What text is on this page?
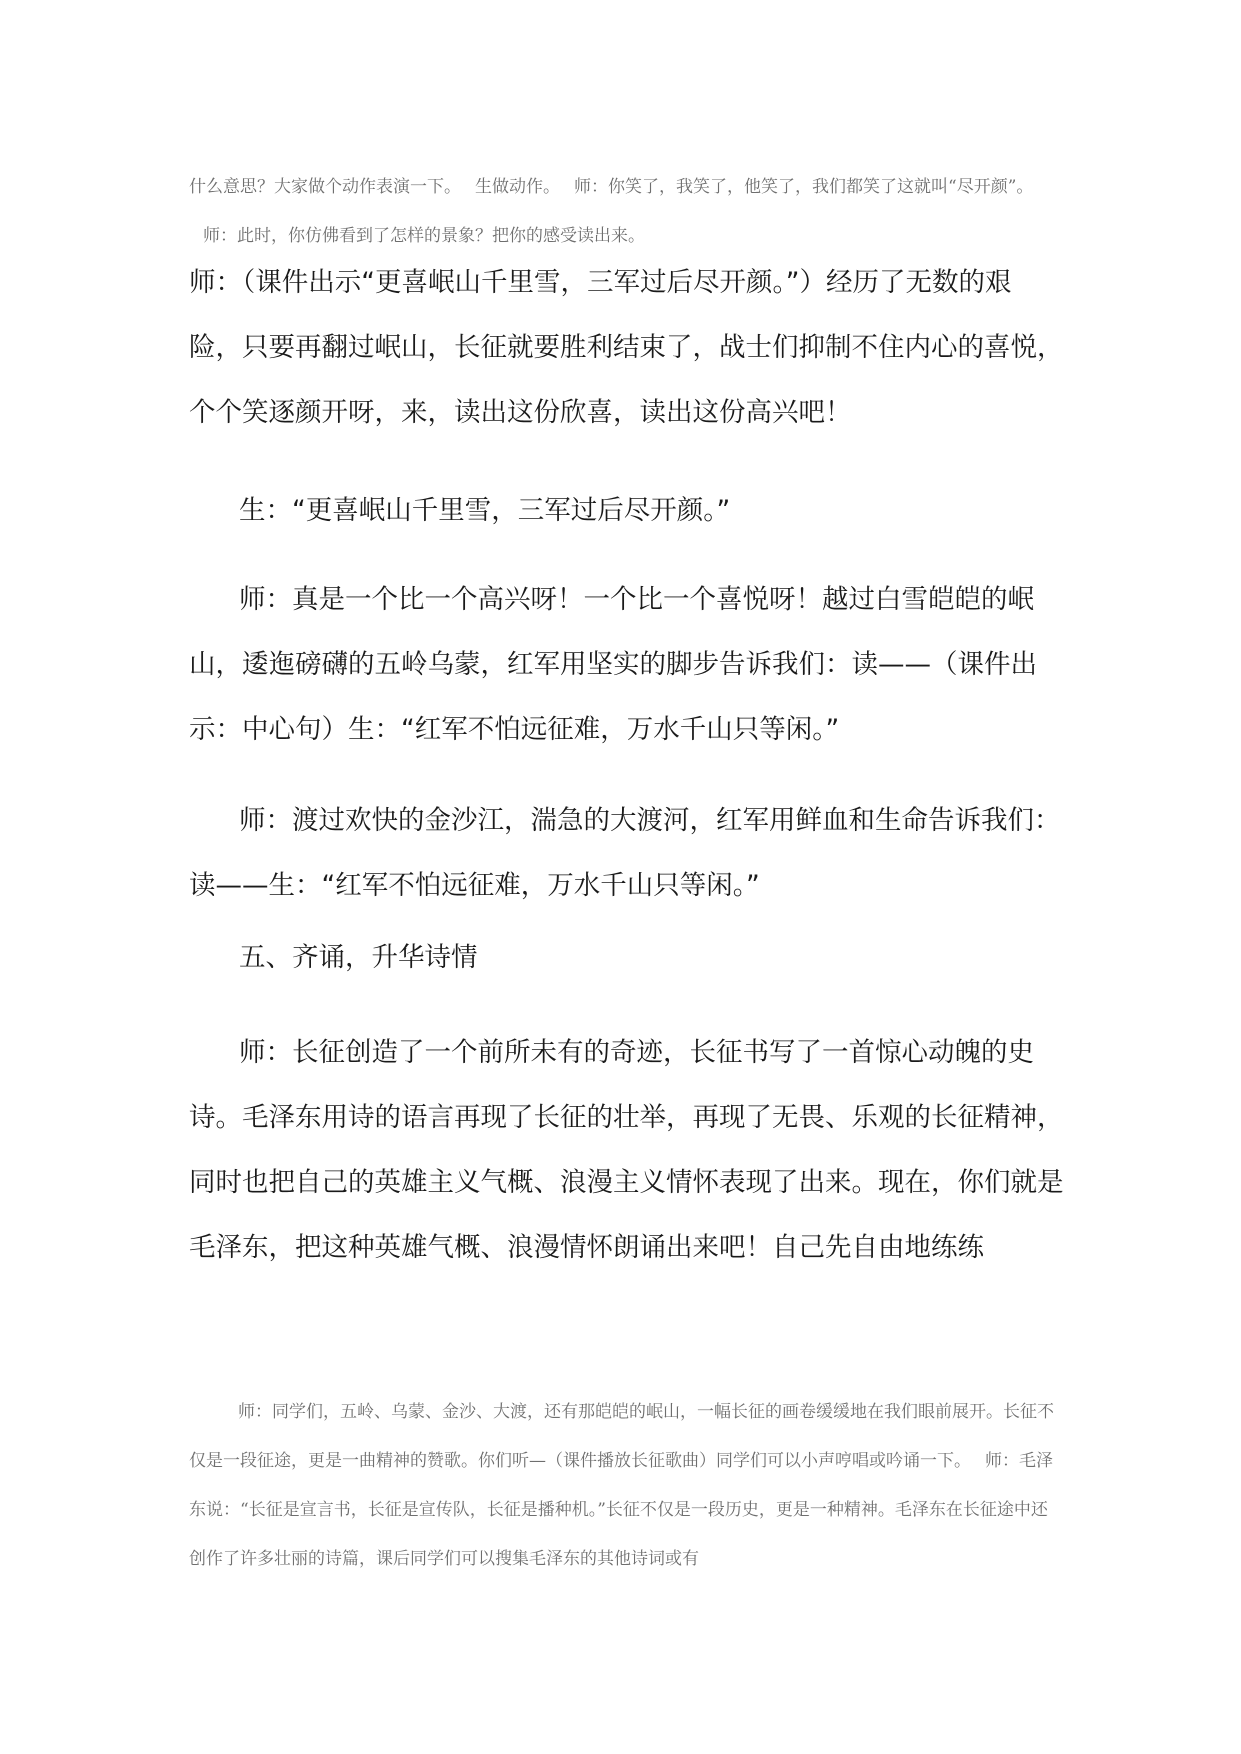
什么意思？大家做个动作表演一下。 生做动作。 师：你笑了，我笑了，他笑了，我们都笑了这就叫“尽开颜”。师：此时，你仿佛看到了怎样的景象？把你的感受读出来。

师：（课件出示“更喜岷山千里雪，三军过后尽开颜。”）经历了无数的艰险，只要再翻过岷山，长征就要胜利结束了，战士们抑制不住内心的喜悦，个个笑逐颜开呀，来，读出这份欣喜，读出这份高兴吧！

生：“更喜岷山千里雪，三军过后尽开颜。”

师：真是一个比一个高兴呀！一个比一个喜悦呀！越过白雪皑皑的岷山，逶迤磅礴的五岭乌蒙，红军用坚实的脚步告诉我们：读——（课件出示：中心句）生：“红军不怕远征难，万水千山只等闲。”

师：渡过欢快的金沙江，湍急的大渡河，红军用鲜血和生命告诉我们：读——生：“红军不怕远征难，万水千山只等闲。”

五、齐诵，升华诗情

师：长征创造了一个前所未有的奇迹，长征书写了一首惊心动魄的史诗。毛泽东用诗的语言再现了长征的壮举，再现了无畏、乐观的长征精神，同时也把自己的英雄主义气概、浪漫主义情怀表现了出来。现在，你们就是毛泽东，把这种英雄气概、浪漫情怀朗诵出来吧！自己先自由地练练

师：同学们，五岭、乌蒙、金沙、大渡，还有那皑皑的岷山，一幅长征的画卷缓缓地在我们眼前展开。长征不仅是一段征途，更是一曲精神的赞歌。你们听—（课件播放长征歌曲）同学们可以小声哼唱或吟诵一下。 师：毛泽东说：“长征是宣言书，长征是宣传队，长征是播种机。”长征不仅是一段历史，更是一种精神。毛泽东在长征途中还创作了许多壮丽的诗篇，课后同学们可以搜集毛泽东的其他诗词或有
